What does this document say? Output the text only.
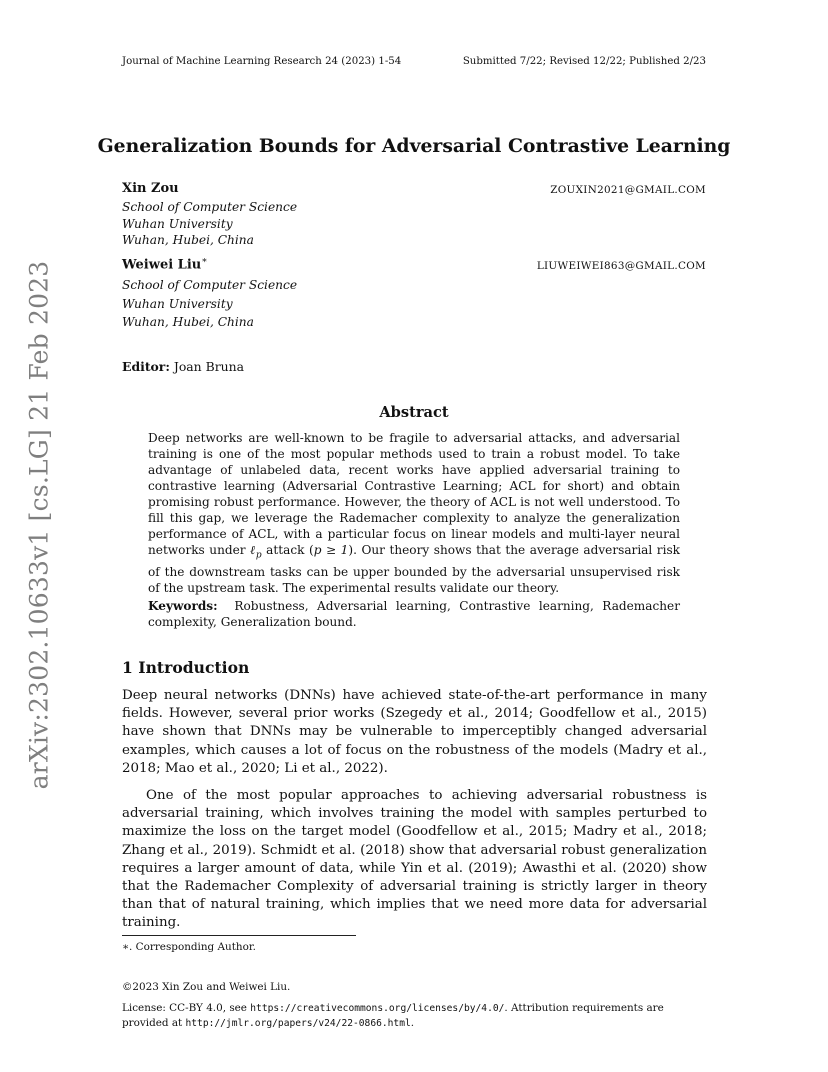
Journal of Machine Learning Research 24 (2023) 1-54	Submitted 7/22; Revised 12/22; Published 2/23
arXiv:2302.10633v1 [cs.LG] 21 Feb 2023
Generalization Bounds for Adversarial Contrastive Learning
Xin Zou	ZOUXIN2021@GMAIL.COM
School of Computer Science
Wuhan University
Wuhan, Hubei, China
Weiwei Liu∗	LIUWEIWEI863@GMAIL.COM
School of Computer Science
Wuhan University
Wuhan, Hubei, China
Editor: Joan Bruna
Abstract

Deep networks are well-known to be fragile to adversarial attacks, and adversarial training is one of the most popular methods used to train a robust model. To take advantage of unlabeled data, recent works have applied adversarial training to contrastive learning (Adversarial Contrastive Learning; ACL for short) and obtain promising robust performance. However, the theory of ACL is not well understood. To fill this gap, we leverage the Rademacher complexity to analyze the generalization performance of ACL, with a particular focus on linear models and multi-layer neural networks under ℓ$_p$ attack (p ≥ 1). Our theory shows that the average adversarial risk of the downstream tasks can be upper bounded by the adversarial unsupervised risk of the upstream task. The experimental results validate our theory.

Keywords: Robustness, Adversarial learning, Contrastive learning, Rademacher complexity, Generalization bound.

1 Introduction

Deep neural networks (DNNs) have achieved state-of-the-art performance in many fields. However, several prior works (Szegedy et al., 2014; Goodfellow et al., 2015) have shown that DNNs may be vulnerable to imperceptibly changed adversarial examples, which causes a lot of focus on the robustness of the models (Madry et al., 2018; Mao et al., 2020; Li et al., 2022).

One of the most popular approaches to achieving adversarial robustness is adversarial training, which involves training the model with samples perturbed to maximize the loss on the target model (Goodfellow et al., 2015; Madry et al., 2018; Zhang et al., 2019). Schmidt et al. (2018) show that adversarial robust generalization requires a larger amount of data, while Yin et al. (2019); Awasthi et al. (2020) show that the Rademacher Complexity of adversarial training is strictly larger in theory than that of natural training, which implies that we need more data for adversarial training.

∗. Corresponding Author.
©2023 Xin Zou and Weiwei Liu.

License: CC-BY 4.0, see https://creativecommons.org/licenses/by/4.0/. Attribution requirements are provided at http://jmlr.org/papers/v24/22-0866.html.
